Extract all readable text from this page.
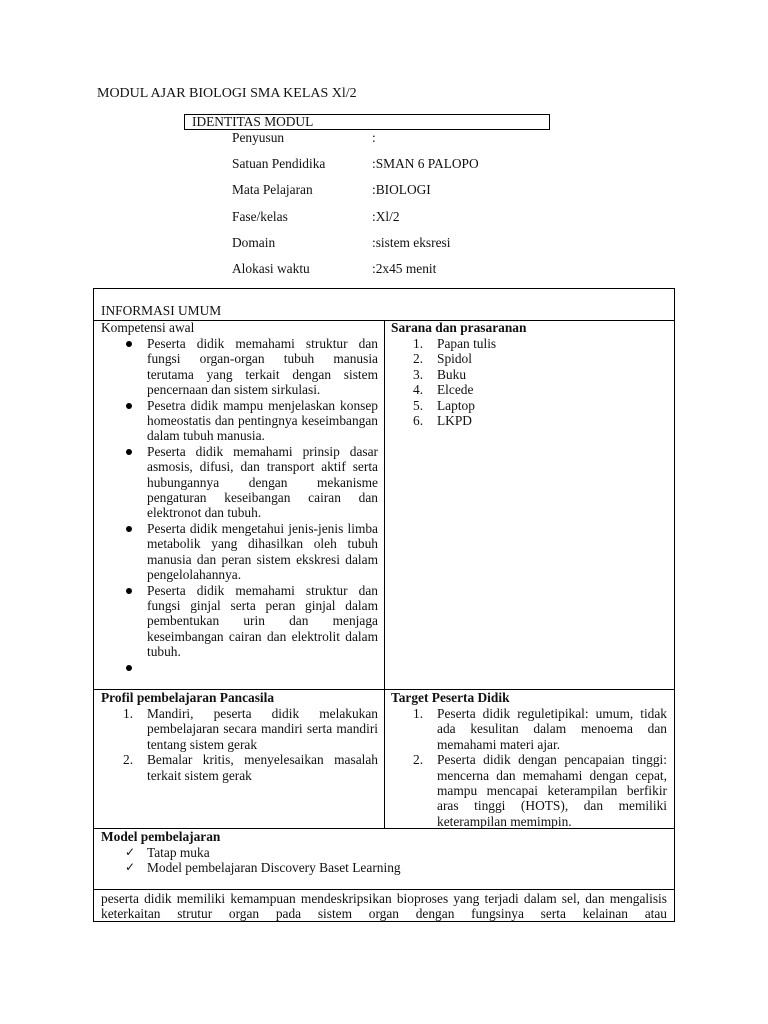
MODUL AJAR BIOLOGI SMA KELAS Xl/2
IDENTITAS MODUL
Penyusun	:
Satuan Pendidika	:SMAN 6 PALOPO
Mata Pelajaran	:BIOLOGI
Fase/kelas	:Xl/2
Domain	:sistem eksresi
Alokasi waktu	:2x45 menit
INFORMASI UMUM
Kompetensi awal
Peserta didik memahami struktur dan fungsi organ-organ tubuh manusia terutama yang terkait dengan sistem pencernaan dan sistem sirkulasi.
Pesetra didik mampu menjelaskan konsep homeostatis dan pentingnya keseimbangan dalam tubuh manusia.
Peserta didik memahami prinsip dasar asmosis, difusi, dan transport aktif serta hubungannya dengan mekanisme pengaturan keseibangan cairan dan elektronot dan tubuh.
Peserta didik mengetahui jenis-jenis limba metabolik yang dihasilkan oleh tubuh manusia dan peran sistem ekskresi dalam pengelolahannya.
Peserta didik memahami struktur dan fungsi ginjal serta peran ginjal dalam pembentukan urin dan menjaga keseimbangan cairan dan elektrolit dalam tubuh.
Sarana dan prasaranan
1. Papan tulis
2. Spidol
3. Buku
4. Elcede
5. Laptop
6. LKPD
Profil pembelajaran Pancasila
1. Mandiri, peserta didik melakukan pembelajaran secara mandiri serta mandiri tentang sistem gerak
2. Bemalar kritis, menyelesaikan masalah terkait sistem gerak
Target Peserta Didik
1. Peserta didik reguletipikal: umum, tidak ada kesulitan dalam menoema dan memahami materi ajar.
2. Peserta didik dengan pencapaian tinggi: mencerna dan memahami dengan cepat, mampu mencapai keterampilan berfikir aras tinggi (HOTS), dan memiliki keterampilan memimpin.
Model pembelajaran
✓ Tatap muka
✓ Model pembelajaran Discovery Baset Learning
peserta didik memiliki kemampuan mendeskripsikan bioproses yang terjadi dalam sel, dan mengalisis keterkaitan strutur organ pada sistem organ dengan fungsinya serta kelainan atau
